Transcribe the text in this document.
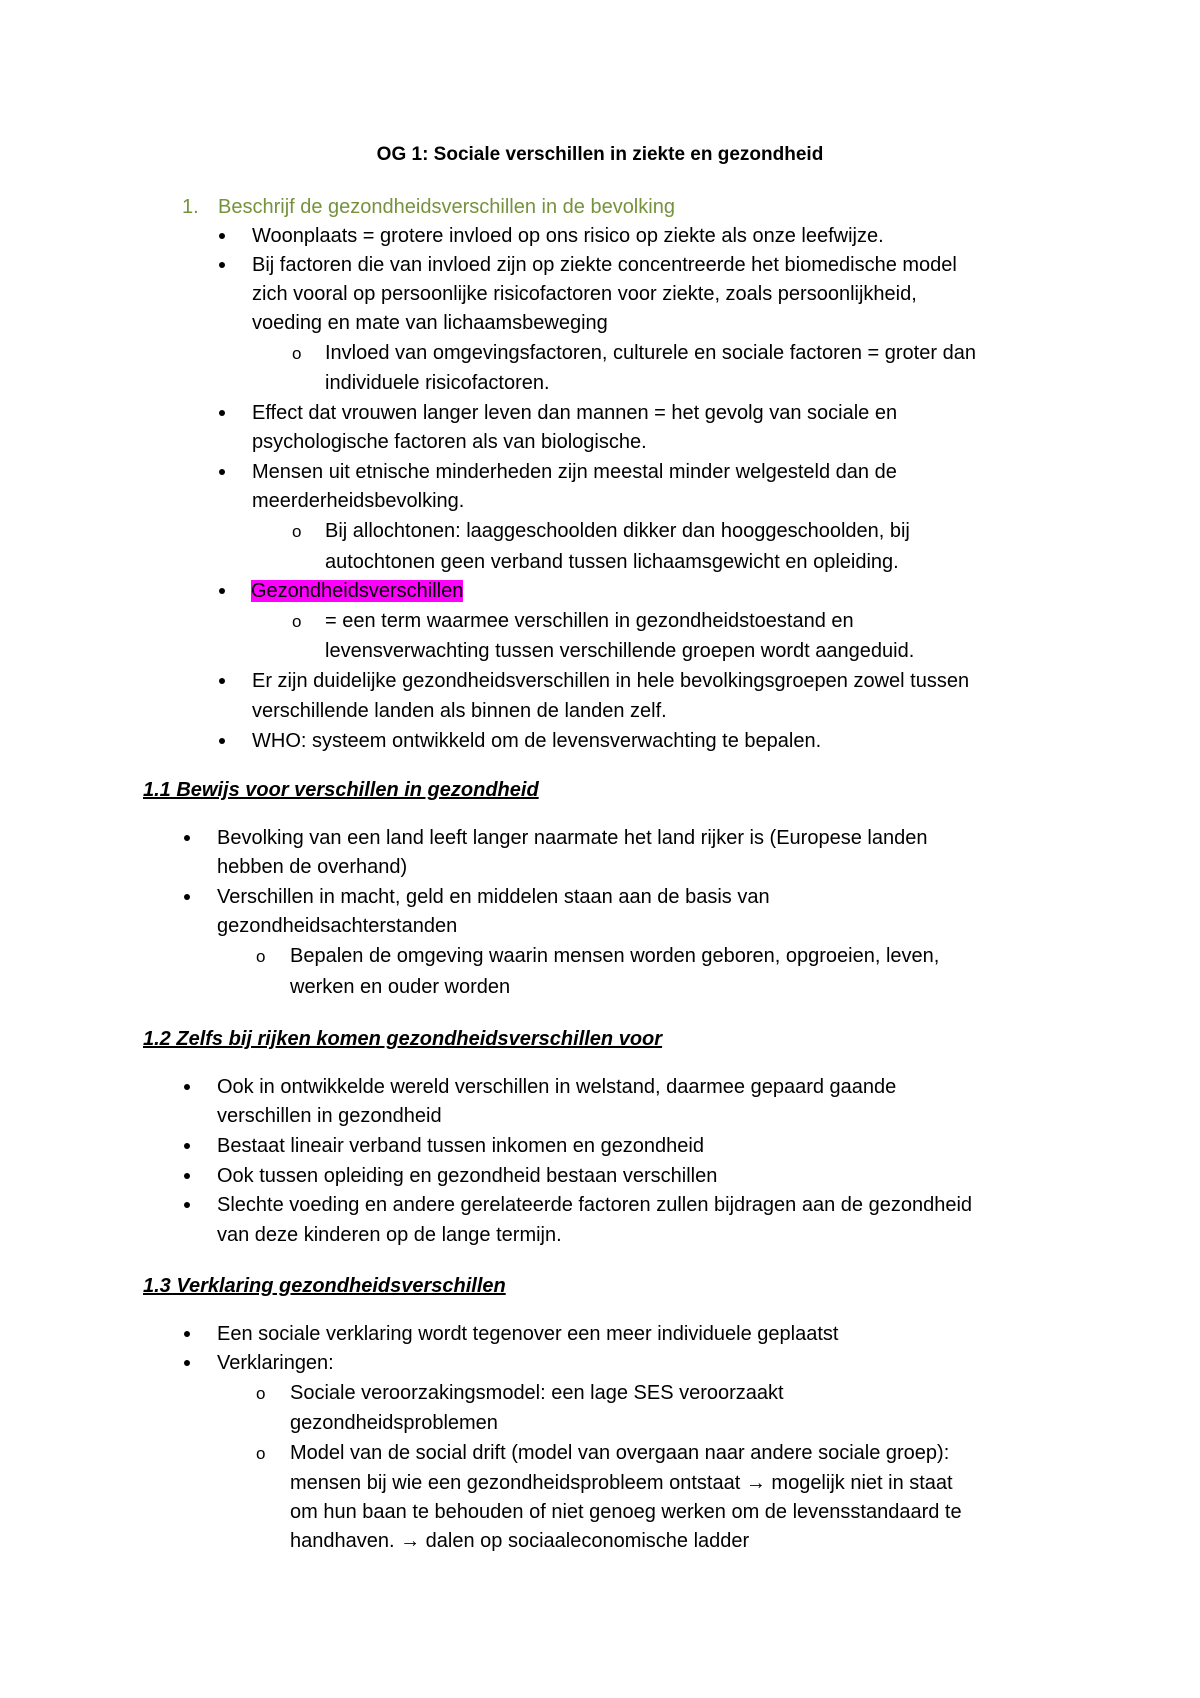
OG 1: Sociale verschillen in ziekte en gezondheid
1. Beschrijf de gezondheidsverschillen in de bevolking
Woonplaats = grotere invloed op ons risico op ziekte als onze leefwijze.
Bij factoren die van invloed zijn op ziekte concentreerde het biomedische model
zich vooral op persoonlijke risicofactoren voor ziekte, zoals persoonlijkheid,
voeding en mate van lichaamsbeweging
o Invloed van omgevingsfactoren, culturele en sociale factoren = groter dan
individuele risicofactoren.
Effect dat vrouwen langer leven dan mannen = het gevolg van sociale en
psychologische factoren als van biologische.
Mensen uit etnische minderheden zijn meestal minder welgesteld dan de
meerderheidsbevolking.
o Bij allochtonen: laaggeschoolden dikker dan hooggeschoolden, bij
autochtonen geen verband tussen lichaamsgewicht en opleiding.
Gezondheidsverschillen
o = een term waarmee verschillen in gezondheidstoestand en
levensverwachting tussen verschillende groepen wordt aangeduid.
Er zijn duidelijke gezondheidsverschillen in hele bevolkingsgroepen zowel tussen
verschillende landen als binnen de landen zelf.
WHO: systeem ontwikkeld om de levensverwachting te bepalen.
1.1 Bewijs voor verschillen in gezondheid
Bevolking van een land leeft langer naarmate het land rijker is (Europese landen
hebben de overhand)
Verschillen in macht, geld en middelen staan aan de basis van
gezondheidsachterstanden
o Bepalen de omgeving waarin mensen worden geboren, opgroeien, leven,
werken en ouder worden
1.2 Zelfs bij rijken komen gezondheidsverschillen voor
Ook in ontwikkelde wereld verschillen in welstand, daarmee gepaard gaande
verschillen in gezondheid
Bestaat lineair verband tussen inkomen en gezondheid
Ook tussen opleiding en gezondheid bestaan verschillen
Slechte voeding en andere gerelateerde factoren zullen bijdragen aan de gezondheid
van deze kinderen op de lange termijn.
1.3 Verklaring gezondheidsverschillen
Een sociale verklaring wordt tegenover een meer individuele geplaatst
Verklaringen:
o Sociale veroorzakingsmodel: een lage SES veroorzaakt
gezondheidsproblemen
o Model van de social drift (model van overgaan naar andere sociale groep):
mensen bij wie een gezondheidsprobleem ontstaat → mogelijk niet in staat
om hun baan te behouden of niet genoeg werken om de levensstandaard te
handhaven. → dalen op sociaaleconomische ladder
